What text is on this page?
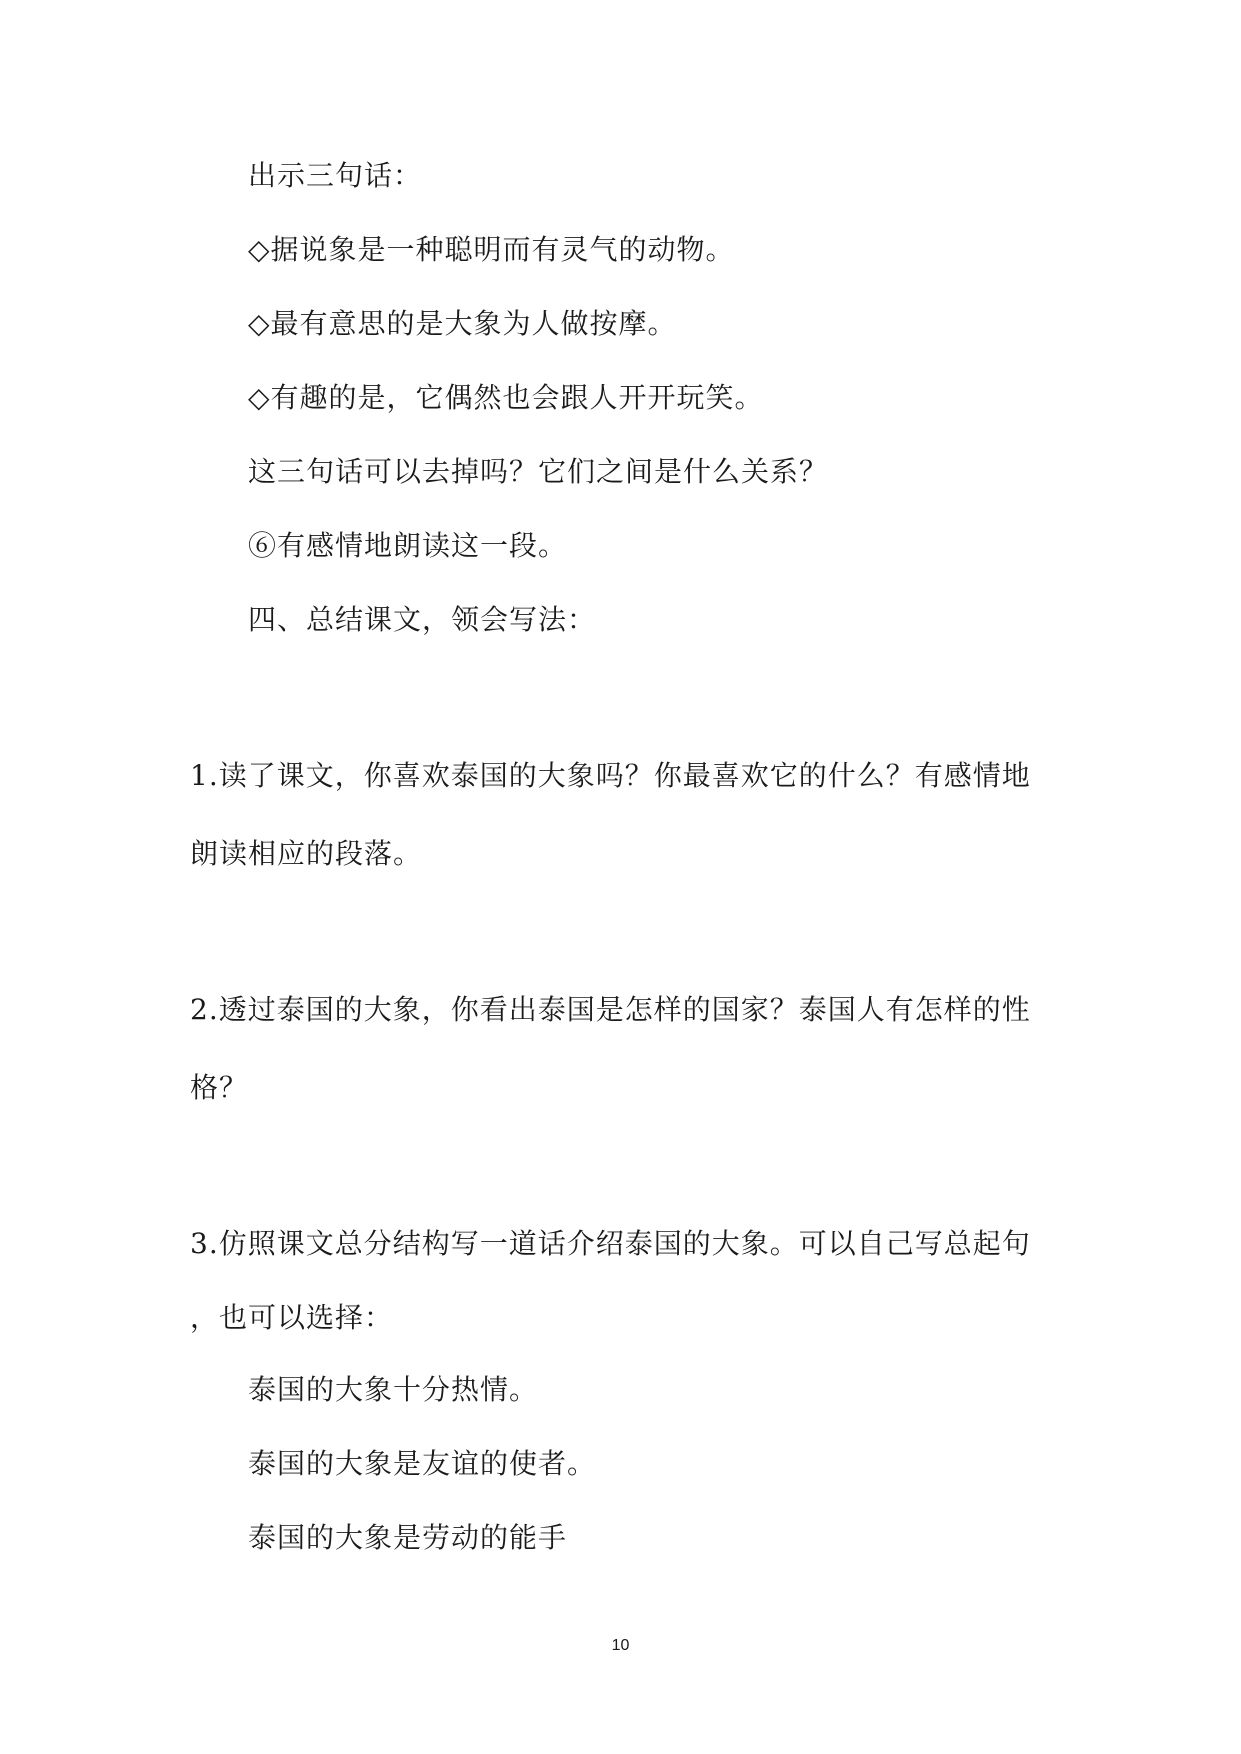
出示三句话：
◇据说象是一种聪明而有灵气的动物。
◇最有意思的是大象为人做按摩。
◇有趣的是，它偶然也会跟人开开玩笑。
这三句话可以去掉吗？它们之间是什么关系？
⑥有感情地朗读这一段。
四、总结课文，领会写法：
1.读了课文，你喜欢泰国的大象吗？你最喜欢它的什么？有感情地
朗读相应的段落。
2.透过泰国的大象，你看出泰国是怎样的国家？泰国人有怎样的性
格？
3.仿照课文总分结构写一道话介绍泰国的大象。可以自己写总起句
，也可以选择：
泰国的大象十分热情。
泰国的大象是友谊的使者。
泰国的大象是劳动的能手
10
